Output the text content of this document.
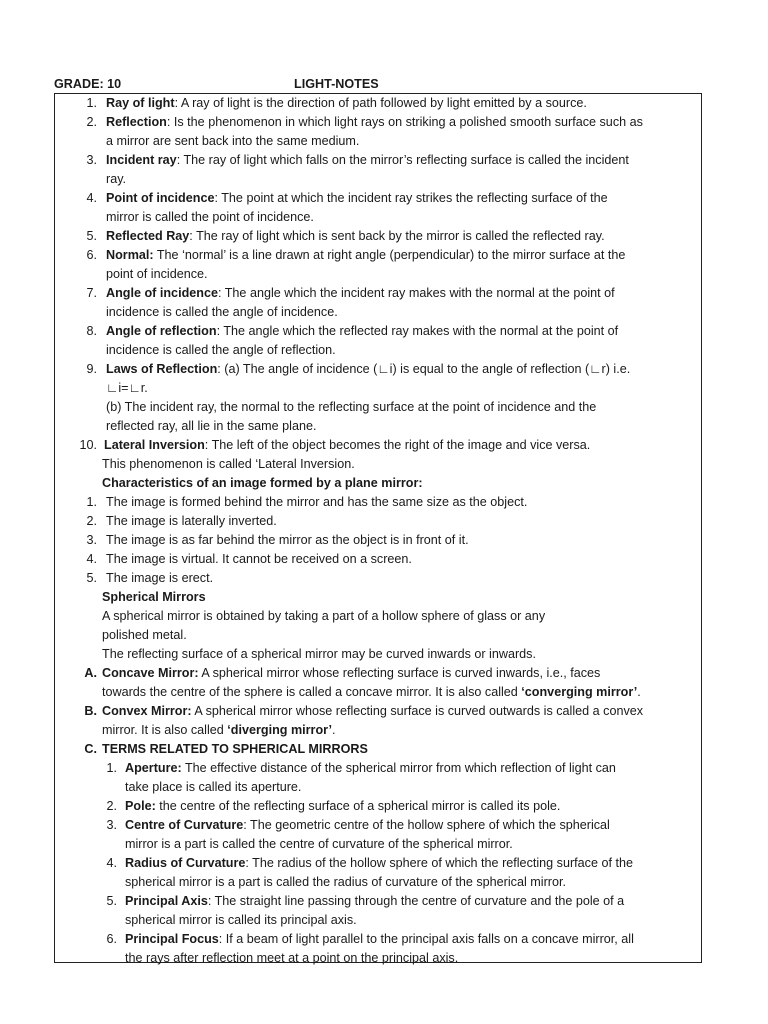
GRADE: 10	LIGHT-NOTES
1. Ray of light: A ray of light is the direction of path followed by light emitted by a source.
2. Reflection: Is the phenomenon in which light rays on striking a polished smooth surface such as
a mirror are sent back into the same medium.
3. Incident ray: The ray of light which falls on the mirror’s reflecting surface is called the incident
ray.
4. Point of incidence: The point at which the incident ray strikes the reflecting surface of the
mirror is called the point of incidence.
5. Reflected Ray: The ray of light which is sent back by the mirror is called the reflected ray.
6. Normal: The ‘normal’ is a line drawn at right angle (perpendicular) to the mirror surface at the
point of incidence.
7. Angle of incidence: The angle which the incident ray makes with the normal at the point of
incidence is called the angle of incidence.
8. Angle of reflection: The angle which the reflected ray makes with the normal at the point of
incidence is called the angle of reflection.
9. Laws of Reflection: (a) The angle of incidence (∟i) is equal to the angle of reflection (∟r) i.e.
∟i=∟r.
(b) The incident ray, the normal to the reflecting surface at the point of incidence and the
reflected ray, all lie in the same plane.
10. Lateral Inversion: The left of the object becomes the right of the image and vice versa.
This phenomenon is called ‘Lateral Inversion.
Characteristics of an image formed by a plane mirror:
1. The image is formed behind the mirror and has the same size as the object.
2. The image is laterally inverted.
3. The image is as far behind the mirror as the object is in front of it.
4. The image is virtual. It cannot be received on a screen.
5. The image is erect.
Spherical Mirrors
A spherical mirror is obtained by taking a part of a hollow sphere of glass or any
polished metal.
The reflecting surface of a spherical mirror may be curved inwards or inwards.
A. Concave Mirror: A spherical mirror whose reflecting surface is curved inwards, i.e., faces
towards the centre of the sphere is called a concave mirror. It is also called ‘converging mirror’.
B. Convex Mirror: A spherical mirror whose reflecting surface is curved outwards is called a convex
mirror. It is also called ‘diverging mirror’.
C. TERMS RELATED TO SPHERICAL MIRRORS
1. Aperture: The effective distance of the spherical mirror from which reflection of light can
take place is called its aperture.
2. Pole: the centre of the reflecting surface of a spherical mirror is called its pole.
3. Centre of Curvature: The geometric centre of the hollow sphere of which the spherical
mirror is a part is called the centre of curvature of the spherical mirror.
4. Radius of Curvature: The radius of the hollow sphere of which the reflecting surface of the
spherical mirror is a part is called the radius of curvature of the spherical mirror.
5. Principal Axis: The straight line passing through the centre of curvature and the pole of a
spherical mirror is called its principal axis.
6. Principal Focus: If a beam of light parallel to the principal axis falls on a concave mirror, all
the rays after reflection meet at a point on the principal axis.
